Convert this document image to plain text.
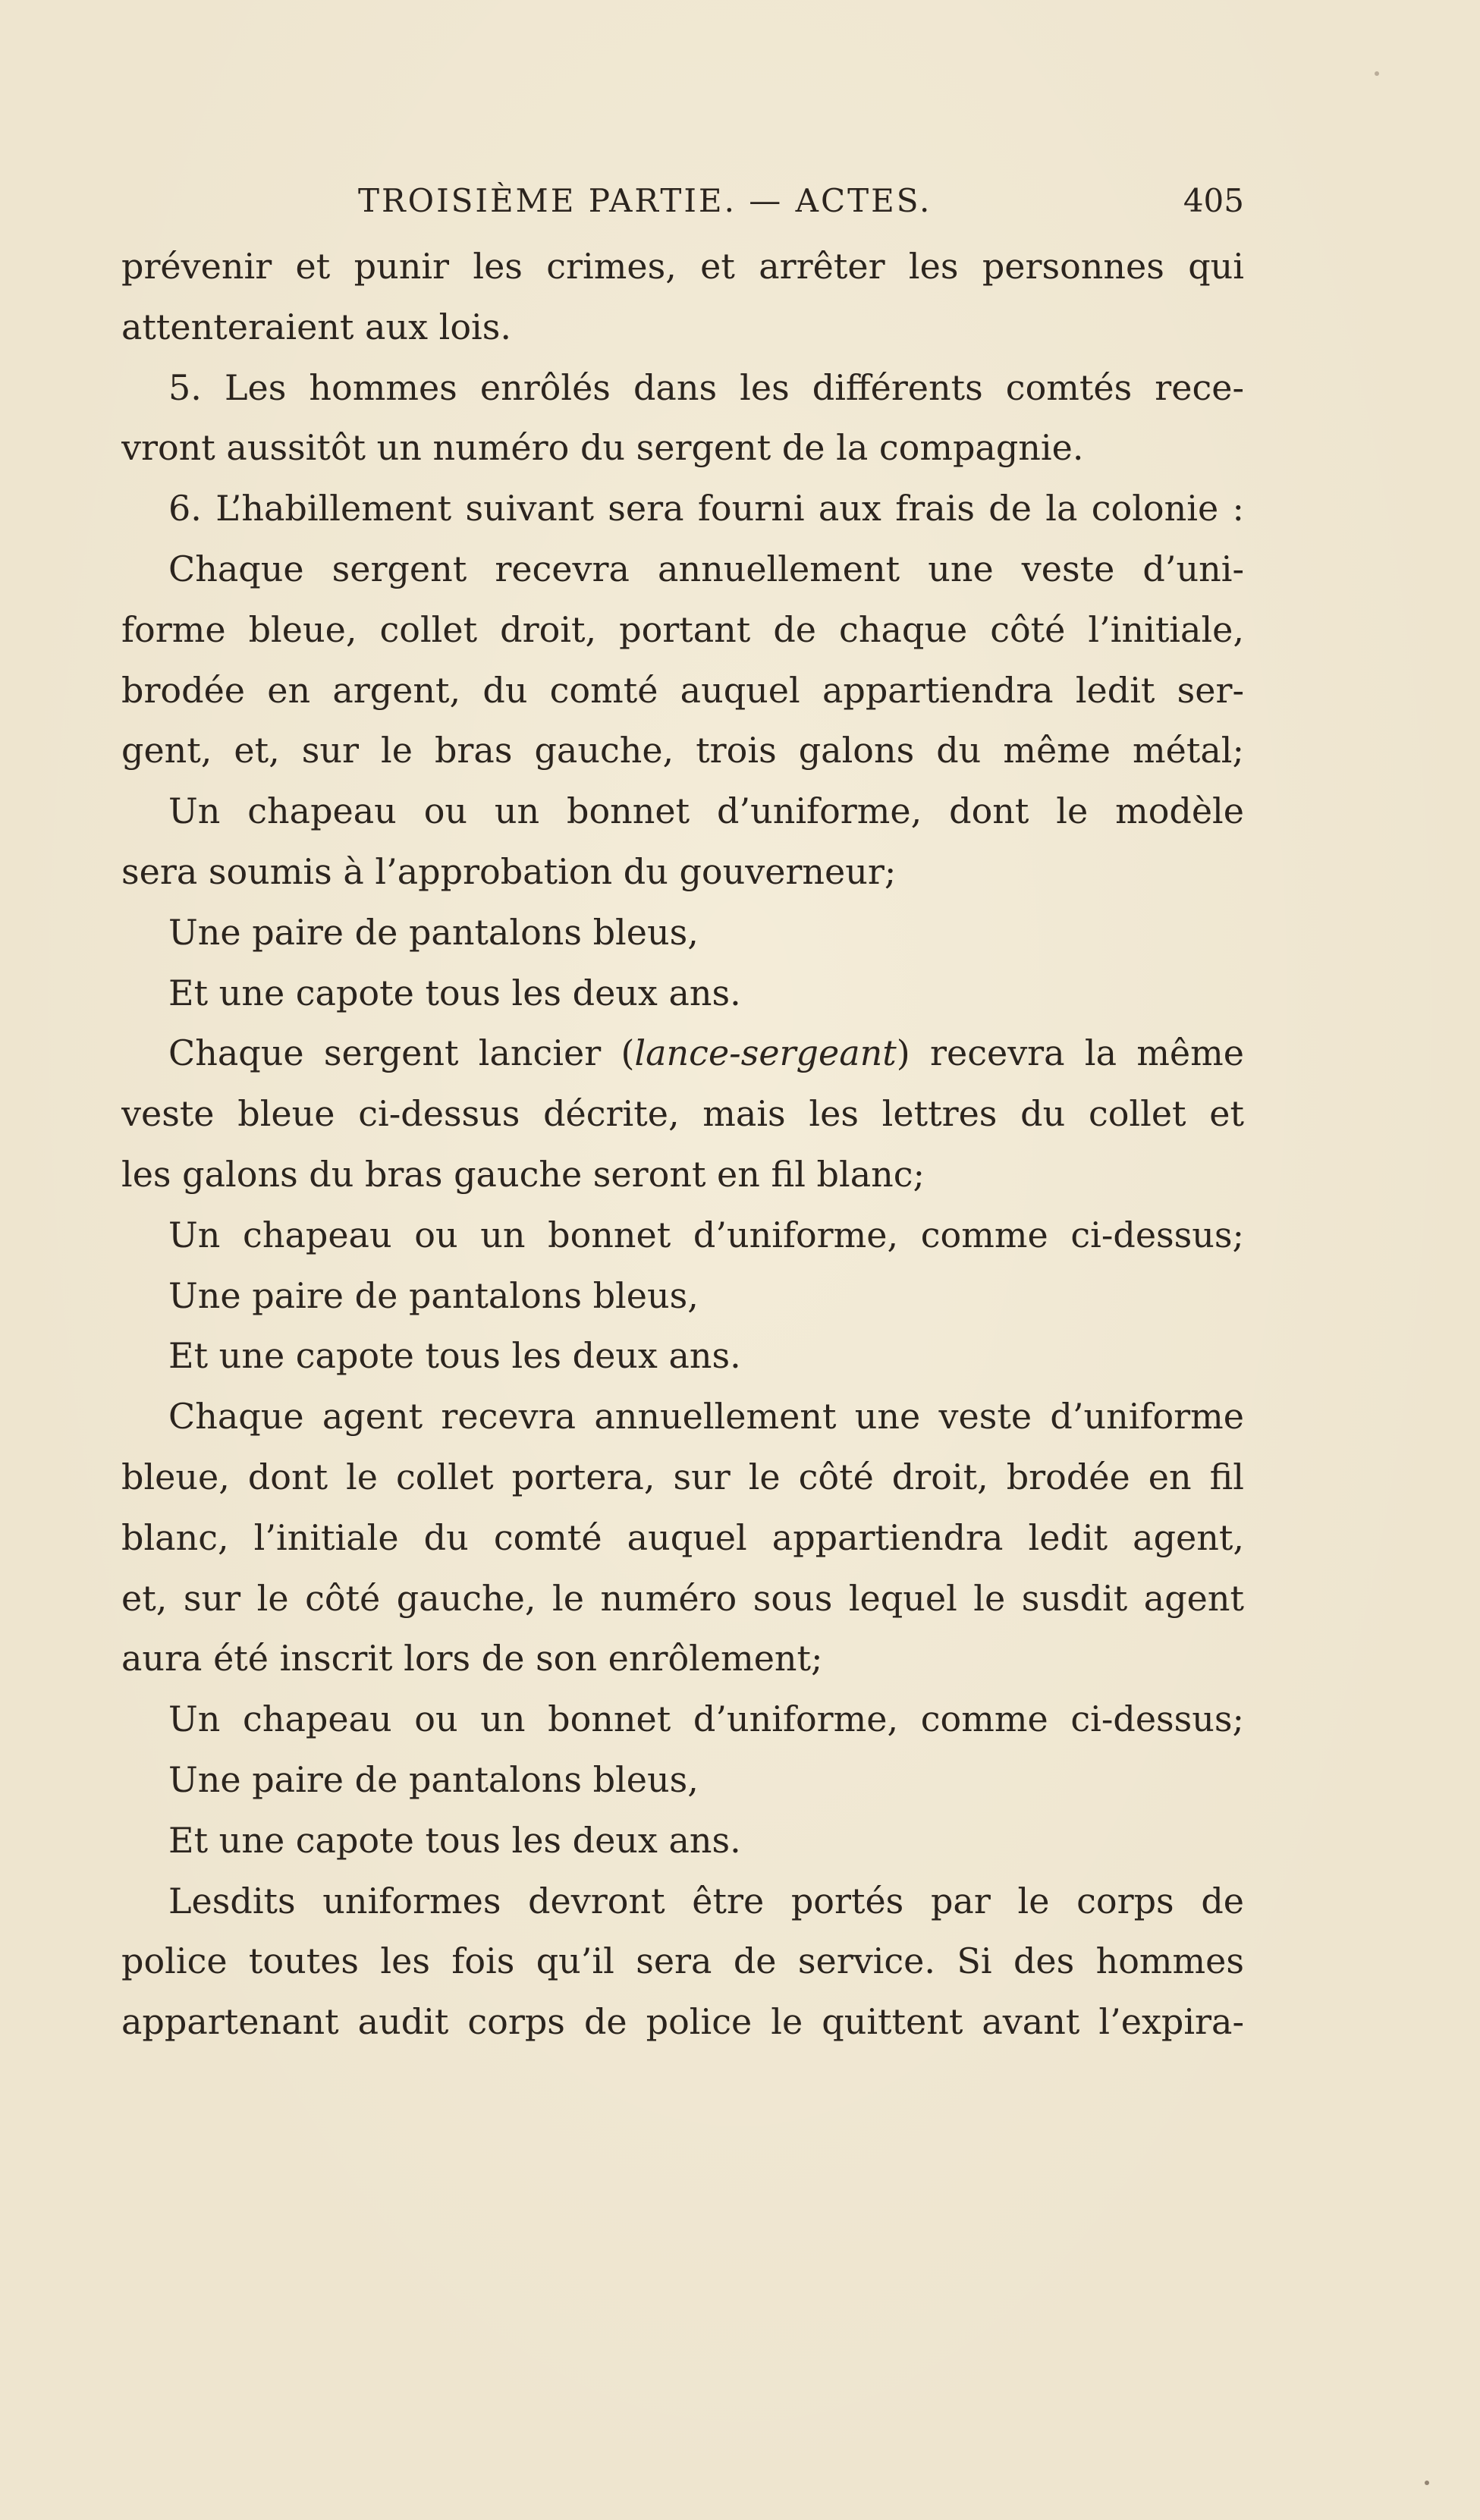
TROISIÈME PARTIE. — ACTES.	405
prévenir et punir les crimes, et arrêter les personnes qui
attenteraient aux lois.
5. Les hommes enrôlés dans les différents comtés rece-
vront aussitôt un numéro du sergent de la compagnie.
6. L’habillement suivant sera fourni aux frais de la colonie :
Chaque sergent recevra annuellement une veste d’uni-
forme bleue, collet droit, portant de chaque côté l’initiale,
brodée en argent, du comté auquel appartiendra ledit ser-
gent, et, sur le bras gauche, trois galons du même métal;
Un chapeau ou un bonnet d’uniforme, dont le modèle
sera soumis à l’approbation du gouverneur;
Une paire de pantalons bleus,
Et une capote tous les deux ans.
Chaque sergent lancier (lance-sergeant) recevra la même
veste bleue ci-dessus décrite, mais les lettres du collet et
les galons du bras gauche seront en fil blanc;
Un chapeau ou un bonnet d’uniforme, comme ci-dessus;
Une paire de pantalons bleus,
Et une capote tous les deux ans.
Chaque agent recevra annuellement une veste d’uniforme
bleue, dont le collet portera, sur le côté droit, brodée en fil
blanc, l’initiale du comté auquel appartiendra ledit agent,
et, sur le côté gauche, le numéro sous lequel le susdit agent
aura été inscrit lors de son enrôlement;
Un chapeau ou un bonnet d’uniforme, comme ci-dessus;
Une paire de pantalons bleus,
Et une capote tous les deux ans.
Lesdits uniformes devront être portés par le corps de
police toutes les fois qu’il sera de service. Si des hommes
appartenant audit corps de police le quittent avant l’expira-
